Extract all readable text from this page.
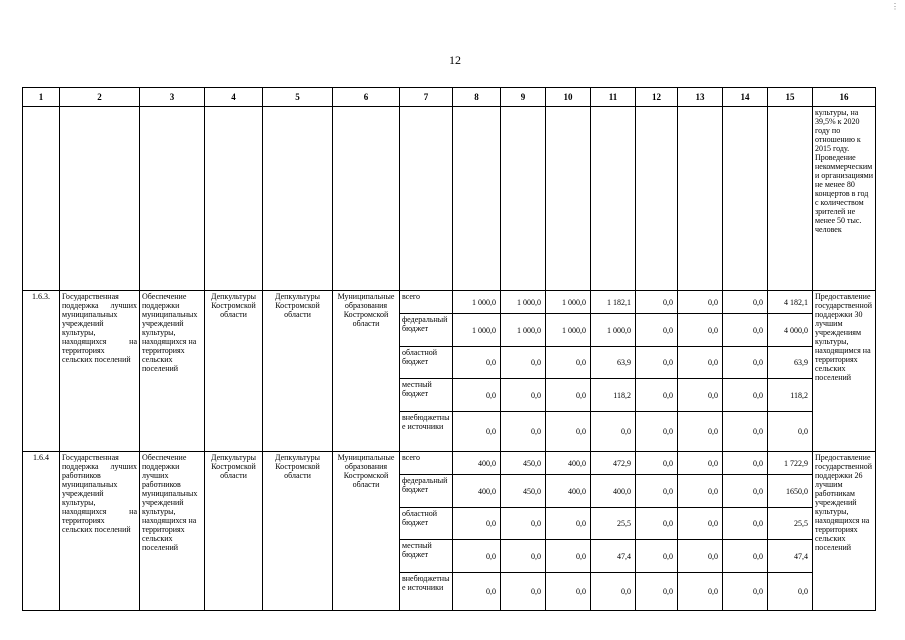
12
⋮
1	2	3	4	5	6	7	8	9	10	11	12	13	14	15	16
															культуры, на 39,5% к 2020 году по отношению к 2015 году. Проведение некоммерческими организациями не менее 80 концертов в год с количеством зрителей не менее 50 тыс. человек
1.6.3.	Государственная поддержка лучших муниципальных учреждений культуры, находящихся на территориях сельских поселений	Обеспечение поддержки муниципальных учреждений культуры, находящихся на территориях сельских поселений	Депкультуры Костромской области	Депкультуры Костромской области	Муниципальные образования Костромской области	всего	1 000,0	1 000,0	1 000,0	1 182,1	0,0	0,0	0,0	4 182,1	Предоставление государственной поддержки 30 лучшим учреждениям культуры, находящимся на территориях сельских поселений
						федеральный бюджет	1 000,0	1 000,0	1 000,0	1 000,0	0,0	0,0	0,0	4 000,0	
						областной бюджет	0,0	0,0	0,0	63,9	0,0	0,0	0,0	63,9	
						местный бюджет	0,0	0,0	0,0	118,2	0,0	0,0	0,0	118,2	
						внебюджетные источники	0,0	0,0	0,0	0,0	0,0	0,0	0,0	0,0	
1.6.4	Государственная поддержка лучших работников муниципальных учреждений культуры, находящихся на территориях сельских поселений	Обеспечение поддержки лучших работников муниципальных учреждений культуры, находящихся на территориях сельских поселений	Депкультуры Костромской области	Депкультуры Костромской области	Муниципальные образования Костромской области	всего	400,0	450,0	400,0	472,9	0,0	0,0	0,0	1 722,9	Предоставление государственной поддержки 26 лучшим работникам учреждений культуры, находящихся на территориях сельских поселений
						федеральный бюджет	400,0	450,0	400,0	400,0	0,0	0,0	0,0	1650,0	
						областной бюджет	0,0	0,0	0,0	25,5	0,0	0,0	0,0	25,5	
						местный бюджет	0,0	0,0	0,0	47,4	0,0	0,0	0,0	47,4	
						внебюджетные источники	0,0	0,0	0,0	0,0	0,0	0,0	0,0	0,0	
